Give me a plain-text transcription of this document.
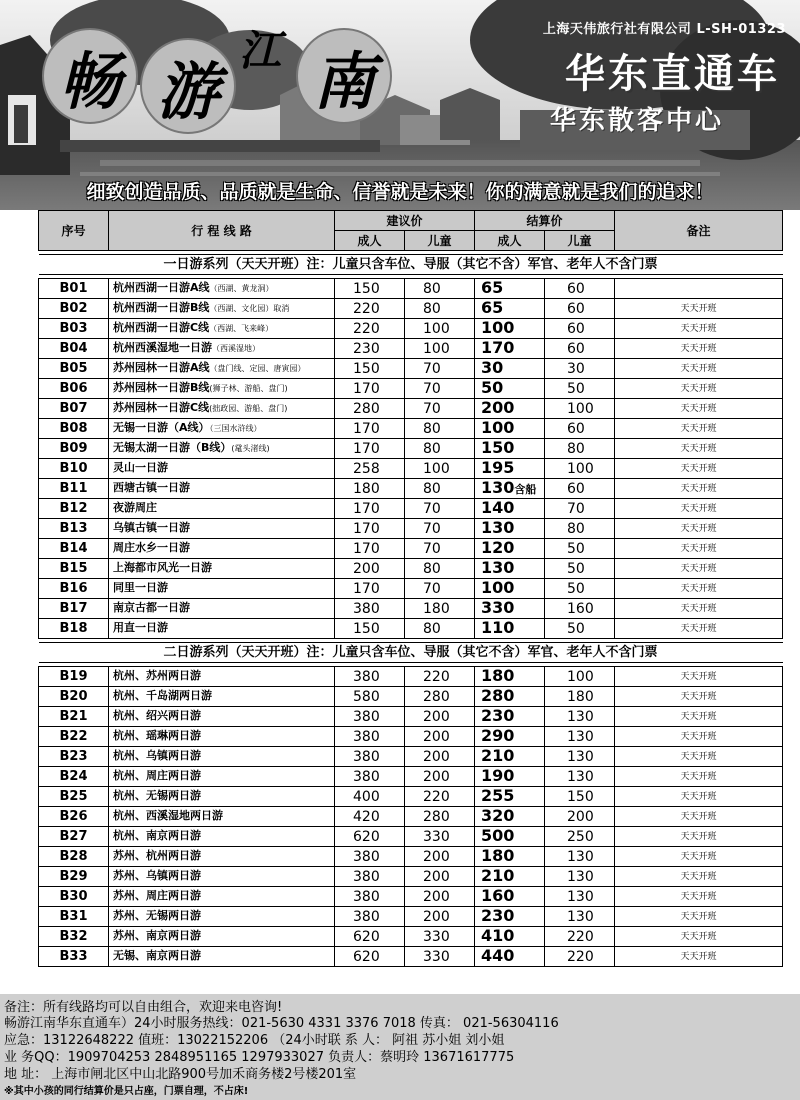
畅 游
江 南
上海天伟旅行社有限公司 L-SH-01323
华东直通车
华东散客中心
细致创造品质、品质就是生命、信誉就是未来！你的满意就是我们的追求！
序号	行 程 线 路	建议价		结算价		备注
		成人	儿童	成人	儿童	

一日游系列（天天开班）注：儿童只含车位、导服（其它不含）军官、老年人不含门票						

B01	杭州西湖一日游A线（西湖、黄龙洞）	150	80	65	60	
B02	杭州西湖一日游B线（西湖、文化园）取消	220	80	65	60	天天开班
B03	杭州西湖一日游C线（西湖、飞来峰）	220	100	100	60	天天开班
B04	杭州西溪湿地一日游（西溪湿地）	230	100	170	60	天天开班
B05	苏州园林一日游A线（盘门线、定园、唐寅园）	150	70	30	30	天天开班
B06	苏州园林一日游B线(狮子林、游船、盘门)	170	70	50	50	天天开班
B07	苏州园林一日游C线(拙政园、游船、盘门)	280	70	200	100	天天开班
B08	无锡一日游（A线）（三国水浒线）	170	80	100	60	天天开班
B09	无锡太湖一日游（B线）(鼋头渚线)	170	80	150	80	天天开班
B10	灵山一日游	258	100	195	100	天天开班
B11	西塘古镇一日游	180	80	130含船	60	天天开班
B12	夜游周庄	170	70	140	70	天天开班
B13	乌镇古镇一日游	170	70	130	80	天天开班
B14	周庄水乡一日游	170	70	120	50	天天开班
B15	上海都市风光一日游	200	80	130	50	天天开班
B16	同里一日游	170	70	100	50	天天开班
B17	南京古都一日游	380	180	330	160	天天开班
B18	用直一日游	150	80	110	50	天天开班

二日游系列（天天开班）注：儿童只含车位、导服（其它不含）军官、老年人不含门票						

B19	杭州、苏州两日游	380	220	180	100	天天开班
B20	杭州、千岛湖两日游	580	280	280	180	天天开班
B21	杭州、绍兴两日游	380	200	230	130	天天开班
B22	杭州、瑶琳两日游	380	200	290	130	天天开班
B23	杭州、乌镇两日游	380	200	210	130	天天开班
B24	杭州、周庄两日游	380	200	190	130	天天开班
B25	杭州、无锡两日游	400	220	255	150	天天开班
B26	杭州、西溪湿地两日游	420	280	320	200	天天开班
B27	杭州、南京两日游	620	330	500	250	天天开班
B28	苏州、杭州两日游	380	200	180	130	天天开班
B29	苏州、乌镇两日游	380	200	210	130	天天开班
B30	苏州、周庄两日游	380	200	160	130	天天开班
B31	苏州、无锡两日游	380	200	230	130	天天开班
B32	苏州、南京两日游	620	330	410	220	天天开班
B33	无锡、南京两日游	620	330	440	220	天天开班
备注：所有线路均可以自由组合，欢迎来电咨询!
畅游江南华东直通车）24小时服务热线：021-5630 4331 3376 7018 传真： 021-56304116
应急：13122648222 值班：13022152206 （24小时联 系 人： 阿祖 苏小姐 刘小姐
业 务QQ：1909704253 2848951165 1297933027 负责人：蔡明玲 13671617775
地 址： 上海市闸北区中山北路900号加禾商务楼2号楼201室
※其中小孩的同行结算价是只占座，门票自理，不占床!
